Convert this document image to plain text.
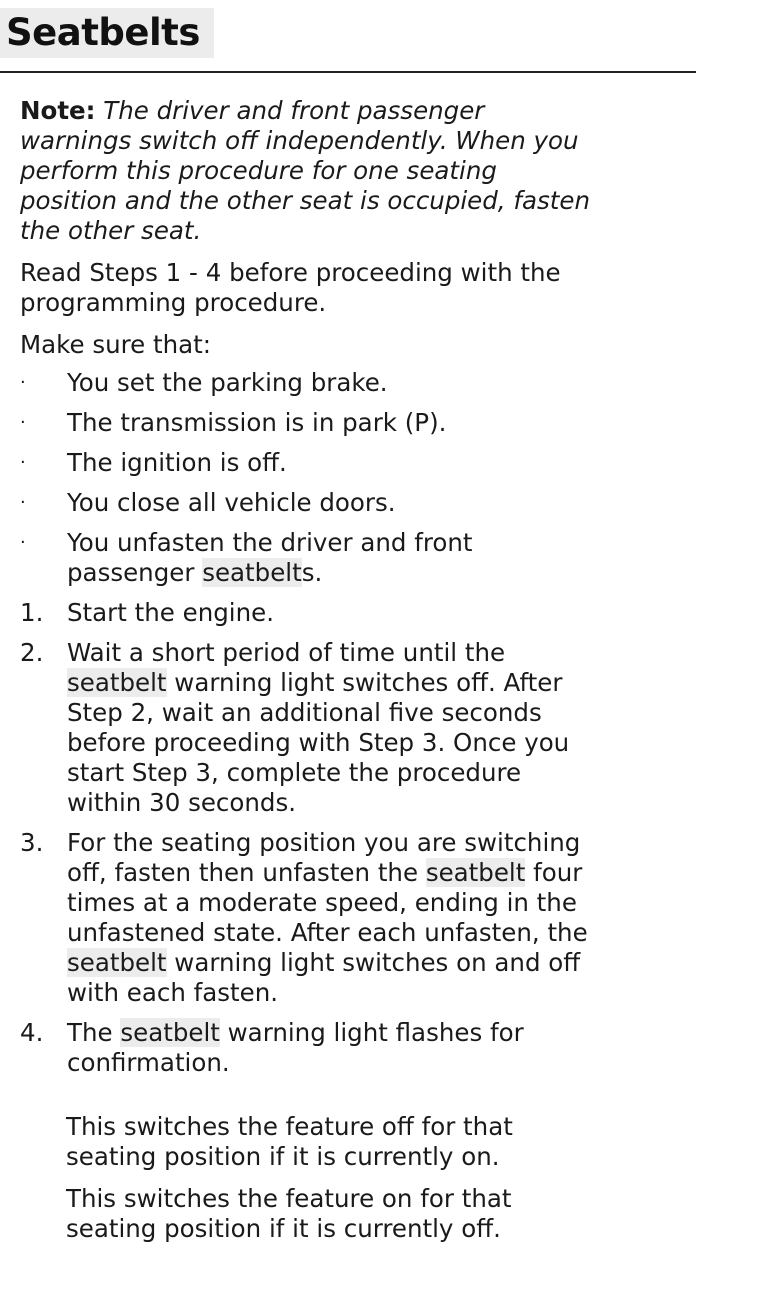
Seatbelts

Note: The driver and front passenger warnings switch off independently. When you perform this procedure for one seating position and the other seat is occupied, fasten the other seat.

Read Steps 1 - 4 before proceeding with the programming procedure.

Make sure that:

· You set the parking brake.
· The transmission is in park (P).
· The ignition is off.
· You close all vehicle doors.
· You unfasten the driver and front passenger seatbelts.
1. Start the engine.
2. Wait a short period of time until the seatbelt warning light switches off. After Step 2, wait an additional five seconds before proceeding with Step 3. Once you start Step 3, complete the procedure within 30 seconds.
3. For the seating position you are switching off, fasten then unfasten the seatbelt four times at a moderate speed, ending in the unfastened state. After each unfasten, the seatbelt warning light switches on and off with each fasten.
4. The seatbelt warning light flashes for confirmation.

This switches the feature off for that seating position if it is currently on.

This switches the feature on for that seating position if it is currently off.
